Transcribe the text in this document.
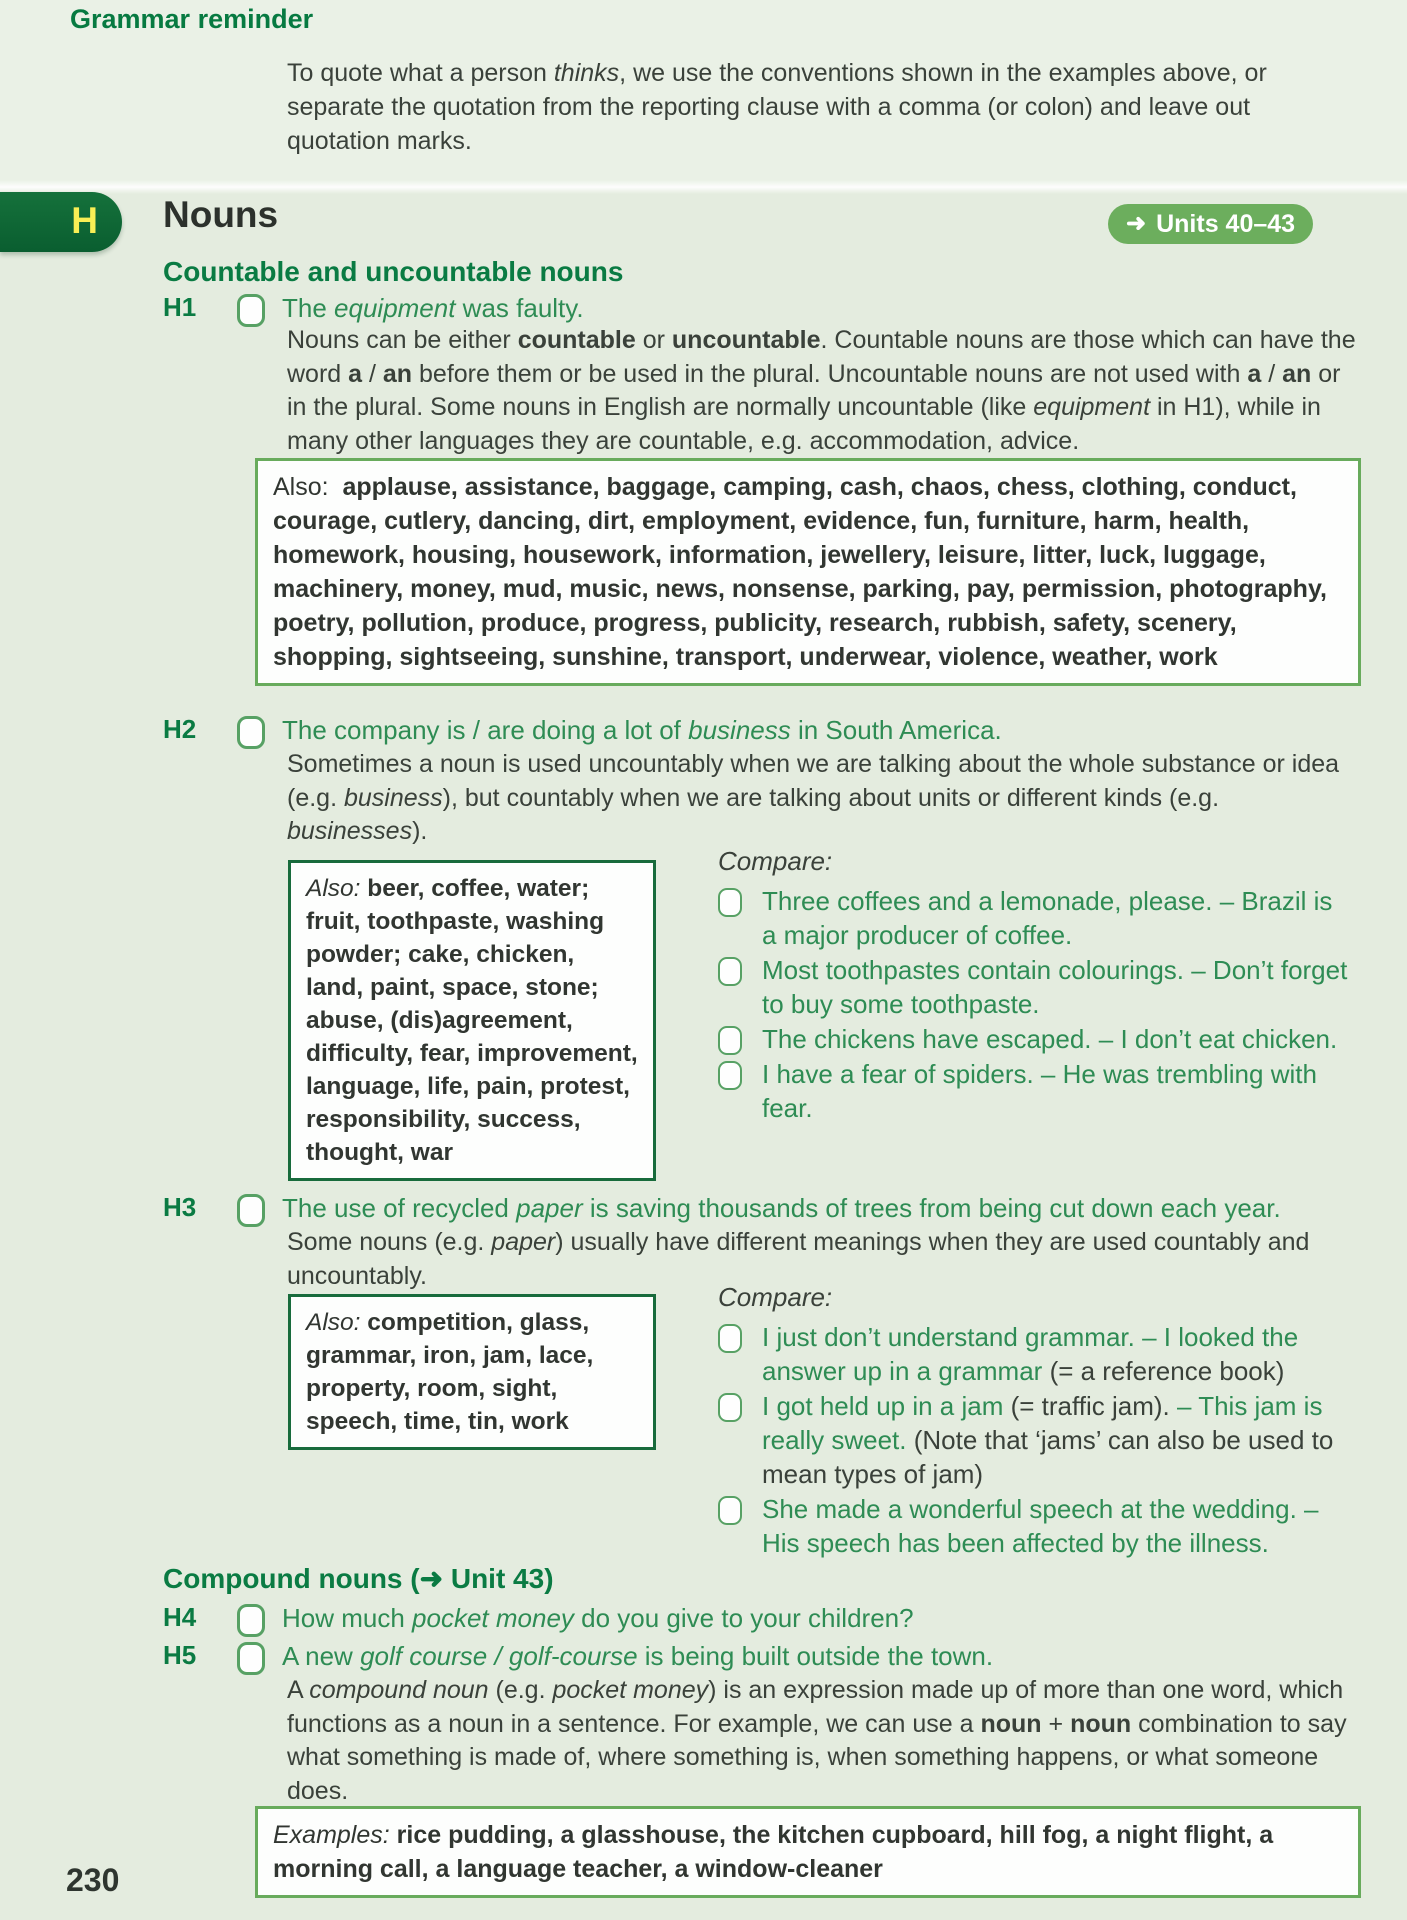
Grammar reminder

To quote what a person thinks, we use the conventions shown in the examples above, or separate the quotation from the reporting clause with a comma (or colon) and leave out quotation marks.

H	Nouns	➜ Units 40–43
Countable and uncountable nouns
H1	The equipment was faulty.

Nouns can be either countable or uncountable. Countable nouns are those which can have the word a / an before them or be used in the plural. Uncountable nouns are not used with a / an or in the plural. Some nouns in English are normally uncountable (like equipment in H1), while in many other languages they are countable, e.g. accommodation, advice.

Also:  applause, assistance, baggage, camping, cash, chaos, chess, clothing, conduct, courage, cutlery, dancing, dirt, employment, evidence, fun, furniture, harm, health, homework, housing, housework, information, jewellery, leisure, litter, luck, luggage, machinery, money, mud, music, news, nonsense, parking, pay, permission, photography, poetry, pollution, produce, progress, publicity, research, rubbish, safety, scenery, shopping, sightseeing, sunshine, transport, underwear, violence, weather, work
H2	The company is / are doing a lot of business in South America.

Sometimes a noun is used uncountably when we are talking about the whole substance or idea (e.g. business), but countably when we are talking about units or different kinds (e.g. businesses).

Also: beer, coffee, water; fruit, toothpaste, washing powder; cake, chicken, land, paint, space, stone; abuse, (dis)agreement, difficulty, fear, improvement, language, life, pain, protest, responsibility, success, thought, war
Compare:
Three coffees and a lemonade, please. – Brazil is a major producer of coffee.
Most toothpastes contain colourings. – Don’t forget to buy some toothpaste.
The chickens have escaped. – I don’t eat chicken.
I have a fear of spiders. – He was trembling with fear.
H3	The use of recycled paper is saving thousands of trees from being cut down each year.

Some nouns (e.g. paper) usually have different meanings when they are used countably and uncountably.

Also: competition, glass, grammar, iron, jam, lace, property, room, sight, speech, time, tin, work
Compare:
I just don’t understand grammar. – I looked the answer up in a grammar (= a reference book)
I got held up in a jam (= traffic jam). – This jam is really sweet. (Note that ‘jams’ can also be used to mean types of jam)
She made a wonderful speech at the wedding. – His speech has been affected by the illness.
Compound nouns (➜ Unit 43)
H4	How much pocket money do you give to your children?
H5	A new golf course / golf-course is being built outside the town.

A compound noun (e.g. pocket money) is an expression made up of more than one word, which functions as a noun in a sentence. For example, we can use a noun + noun combination to say what something is made of, where something is, when something happens, or what someone does.

Examples: rice pudding, a glasshouse, the kitchen cupboard, hill fog, a night flight, a morning call, a language teacher, a window-cleaner
230
